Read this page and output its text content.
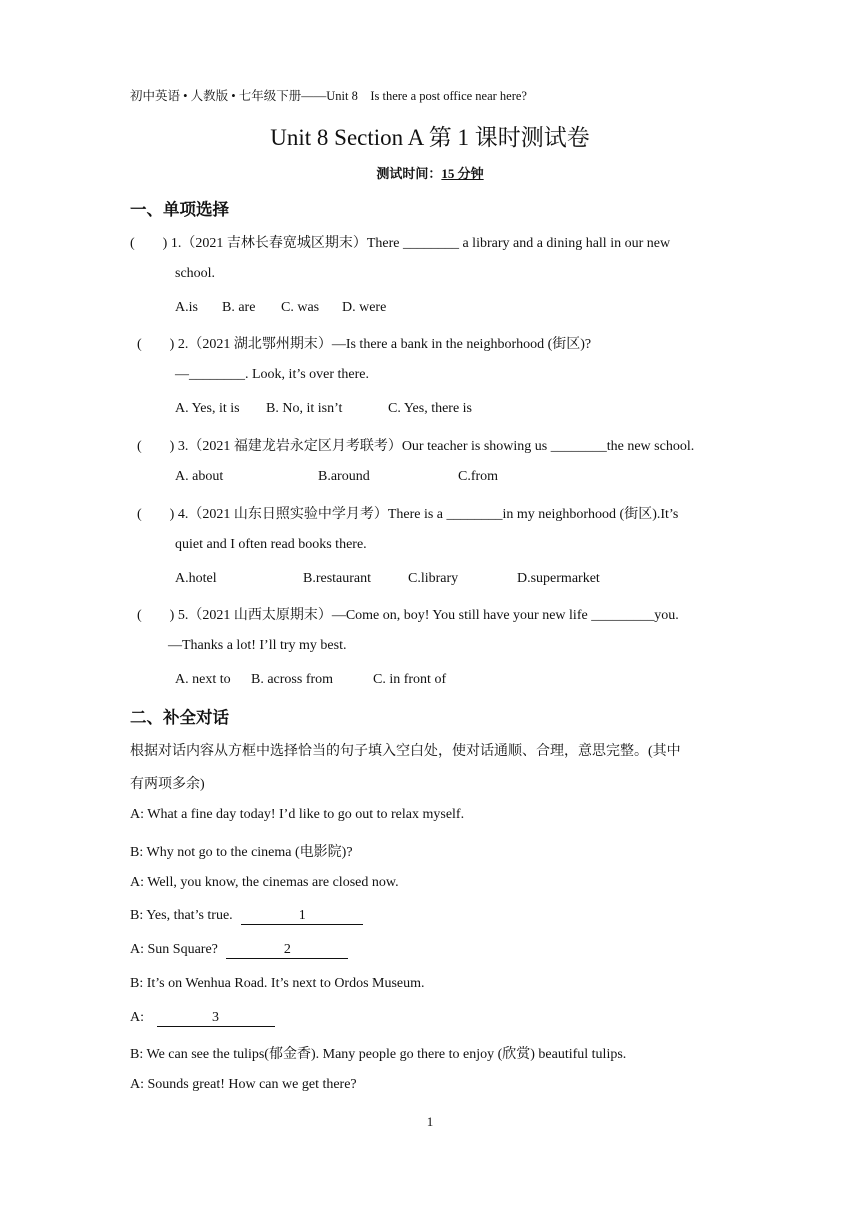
初中英语 • 人教版 • 七年级下册——Unit 8　Is there a post office near here?
Unit 8 Section A 第 1 课时测试卷
测试时间：15 分钟
一、单项选择
(　　) 1.（2021 吉林长春宽城区期末）There ________ a library and a dining hall in our new
school.
A.is B. are C. was D. were
(　　) 2.（2021 湖北鄂州期末）—Is there a bank in the neighborhood (街区)?
—________. Look, it’s over there.
A. Yes, it is B. No, it isn’t	C. Yes, there is
(　　) 3.（2021 福建龙岩永定区月考联考）Our teacher is showing us ________the new school.
A. about	B.around	C.from
(　　) 4.（2021 山东日照实验中学月考）There is a ________in my neighborhood (街区).It’s
quiet and I often read books there.
A.hotel	B.restaurant	C.library	D.supermarket
(　　) 5.（2021 山西太原期末）—Come on, boy! You still have your new life _________you.
—Thanks a lot! I’ll try my best.
A. next to B. across from	C. in front of
二、补全对话
根据对话内容从方框中选择恰当的句子填入空白处，使对话通顺、合理，意思完整。(其中
有两项多余)
A: What a fine day today! I’d like to go out to relax myself.
B: Why not go to the cinema (电影院)?
A: Well, you know, the cinemas are closed now.
B: Yes, that’s true.	1
A: Sun Square?	2
B: It’s on Wenhua Road. It’s next to Ordos Museum.
A:	3
B: We can see the tulips(郁金香). Many people go there to enjoy (欣赏) beautiful tulips.
A: Sounds great! How can we get there?
1
